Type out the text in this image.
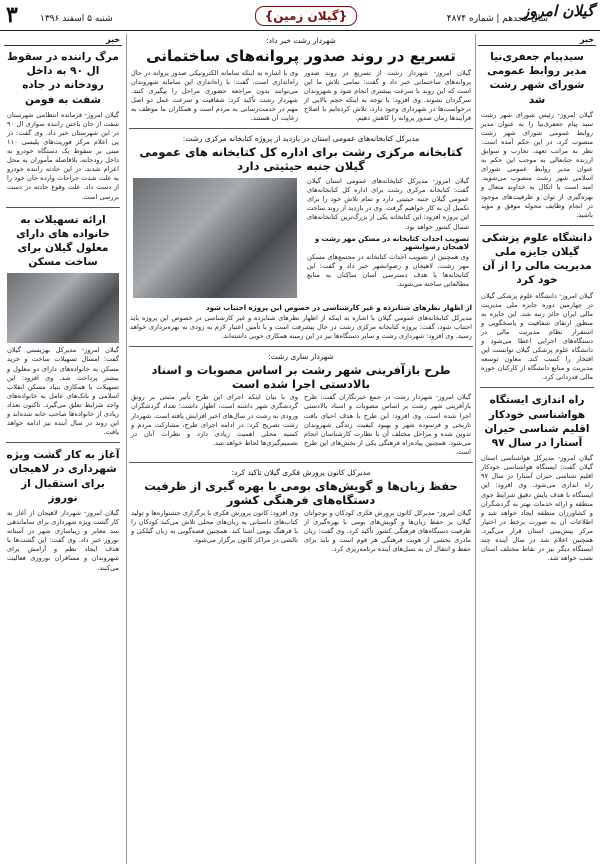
گیلان امروز
سال هجدهم | شماره ۴۸۷۴
{گیلان زمین}
شنبه ۵ اسفند ۱۳۹۶
۳
خبر
سیدپیام جعفری‌نیا مدیر روابط عمومی شورای شهر رشت شد
گیلان امروز- رئیس شورای شهر رشت سید پیام جعفری‌نیا را به عنوان مدیر روابط عمومی شورای شهر رشت منصوب کرد. در این حکم آمده است: نظر به مراتب تعهد، تجارب و سوابق ارزنده جنابعالی به موجب این حکم به عنوان مدیر روابط عمومی شورای اسلامی شهر رشت منصوب می‌شوید. امید است با اتکال به خداوند متعال و بهره‌گیری از توان و ظرفیت‌های موجود در انجام وظایف محوله موفق و مؤید باشید.
دانشگاه علوم پزشکی گیلان جایزه ملی مدیریت مالی را از آن خود کرد
گیلان امروز- دانشگاه علوم پزشکی گیلان در چهارمین دوره جایزه ملی مدیریت مالی ایران حائز رتبه شد. این جایزه به منظور ارتقای شفافیت و پاسخگویی و استقرار نظام مدیریت مالی در دستگاه‌های اجرایی اعطا می‌شود و دانشگاه علوم پزشکی گیلان توانست این افتخار را کسب کند. معاون توسعه مدیریت و منابع دانشگاه از کارکنان حوزه مالی قدردانی کرد.
راه اندازی ایستگاه هواشناسی خودکار اقلیم شناسی حیران آستارا در سال ۹۷
گیلان امروز- مدیرکل هواشناسی استان گیلان گفت: ایستگاه هواشناسی خودکار اقلیم شناسی حیران آستارا در سال ۹۷ راه اندازی می‌شود. وی افزود: این ایستگاه با هدف پایش دقیق شرایط جوی منطقه و ارائه خدمات بهتر به گردشگران و کشاورزان منطقه ایجاد خواهد شد و اطلاعات آن به صورت برخط در اختیار مرکز پیش‌بینی استان قرار می‌گیرد. همچنین اعلام شد در سال آینده چند ایستگاه دیگر نیز در نقاط مختلف استان نصب خواهد شد.
شهردار رشت خبر داد:
تسریع در روند صدور پروانه‌های ساختمانی
گیلان امروز- شهردار رشت از تسریع در روند صدور پروانه‌های ساختمانی خبر داد و گفت: تمامی تلاش ما این است که این روند با سرعت بیشتری انجام شود و شهروندان سرگردان نشوند. وی افزود: با توجه به اینکه حجم بالایی از درخواست‌ها در شهرداری وجود دارد، تلاش کرده‌ایم با اصلاح فرآیندها زمان صدور پروانه را کاهش دهیم.
وی با اشاره به اینکه سامانه الکترونیکی صدور پروانه در حال راه‌اندازی است، گفت: با راه‌اندازی این سامانه شهروندان می‌توانند بدون مراجعه حضوری مراحل را پیگیری کنند. شهردار رشت تأکید کرد: شفافیت و سرعت عمل دو اصل مهم در خدمت‌رسانی به مردم است و همکاران ما موظف به رعایت آن هستند.
مدیرکل کتابخانه‌های عمومی استان در بازدید از پروژه کتابخانه مرکزی رشت:
کتابخانه مرکزی رشت برای اداره کل کتابخانه های عمومی گیلان جنبه حیثیتی دارد
گیلان امروز- مدیرکل کتابخانه‌های عمومی استان گیلان گفت: کتابخانه مرکزی رشت برای اداره کل کتابخانه‌های عمومی گیلان جنبه حیثیتی دارد و تمام تلاش خود را برای تکمیل آن به کار خواهیم گرفت. وی در بازدید از روند ساخت این پروژه افزود: این کتابخانه یکی از بزرگ‌ترین کتابخانه‌های شمال کشور خواهد بود.
تصویب احداث کتابخانه در مسکن مهر رشت و لاهیجان رضوانشهر
وی همچنین از تصویب احداث کتابخانه در مجتمع‌های مسکن مهر رشت، لاهیجان و رضوانشهر خبر داد و گفت: این کتابخانه‌ها با هدف دسترسی آسان ساکنان به منابع مطالعاتی ساخته می‌شوند.
از اظهار نظرهای شتابزده و غیر کارشناسی در خصوص این پروژه اجتناب شود
مدیرکل کتابخانه‌های عمومی گیلان با اشاره به اینکه از اظهار نظرهای شتابزده و غیر کارشناسی در خصوص این پروژه باید اجتناب شود، گفت: پروژه کتابخانه مرکزی رشت در حال پیشرفت است و با تأمین اعتبار لازم به زودی به بهره‌برداری خواهد رسید. وی افزود: شهرداری رشت و سایر دستگاه‌ها نیز در این زمینه همکاری خوبی داشته‌اند.
شهردار ساری رشت:
طرح بازآفرینی شهر رشت بر اساس مصوبات و اسناد بالادستی اجرا شده است
گیلان امروز- شهردار رشت در جمع خبرنگاران گفت: طرح بازآفرینی شهر رشت بر اساس مصوبات و اسناد بالادستی اجرا شده است. وی افزود: این طرح با هدف احیای بافت تاریخی و فرسوده شهر و بهبود کیفیت زندگی شهروندان تدوین شده و مراحل مختلف آن با نظارت کارشناسان انجام می‌شود. همچنین پیاده‌راه فرهنگی یکی از بخش‌های این طرح است.
وی با بیان اینکه اجرای این طرح تأثیر مثبتی بر رونق گردشگری شهر داشته است، اظهار داشت: تعداد گردشگران ورودی به رشت در سال‌های اخیر افزایش یافته است. شهردار رشت تصریح کرد: در ادامه اجرای طرح، مشارکت مردم و کسبه محلی اهمیت زیادی دارد و نظرات آنان در تصمیم‌گیری‌ها لحاظ خواهد شد.
مدیرکل کانون پرورش فکری گیلان تاکید کرد:
حفظ زبان‌ها و گویش‌های بومی با بهره گیری از ظرفیت دستگاه‌های فرهنگی کشور
گیلان امروز- مدیرکل کانون پرورش فکری کودکان و نوجوانان گیلان بر حفظ زبان‌ها و گویش‌های بومی با بهره‌گیری از ظرفیت دستگاه‌های فرهنگی کشور تأکید کرد. وی گفت: زبان مادری بخشی از هویت فرهنگی هر قوم است و باید برای حفظ و انتقال آن به نسل‌های آینده برنامه‌ریزی کرد.
وی افزود: کانون پرورش فکری با برگزاری جشنواره‌ها و تولید کتاب‌های داستانی به زبان‌های محلی تلاش می‌کند کودکان را با فرهنگ بومی آشنا کند. همچنین قصه‌گویی به زبان گیلکی و تالشی در مراکز کانون برگزار می‌شود.
خبر
مرگ راننده در سقوط ال ۹۰ به داخل رودخانه در جاده شفت به فومن
گیلان امروز- فرمانده انتظامی شهرستان شفت از جان باختن راننده سواری ال ۹۰ در این شهرستان خبر داد. وی گفت: در پی اعلام مرکز فوریت‌های پلیسی ۱۱۰ مبنی بر سقوط یک دستگاه خودرو به داخل رودخانه، بلافاصله مأموران به محل اعزام شدند. در این حادثه راننده خودرو به علت شدت جراحات وارده جان خود را از دست داد. علت وقوع حادثه در دست بررسی است.
ارائه تسهیلات به خانواده های دارای معلول گیلان برای ساخت مسکن
گیلان امروز- مدیرکل بهزیستی گیلان گفت: امسال تسهیلات ساخت و خرید مسکن به خانواده‌های دارای دو معلول و بیشتر پرداخت شد. وی افزود: این تسهیلات با همکاری بنیاد مسکن انقلاب اسلامی و بانک‌های عامل به خانواده‌های واجد شرایط تعلق می‌گیرد. تاکنون تعداد زیادی از خانواده‌ها صاحب خانه شده‌اند و این روند در سال آینده نیز ادامه خواهد یافت.
آغاز به کار گشت ویژه شهرداری در لاهیجان برای استقبال از نوروز
گیلان امروز- شهردار لاهیجان از آغاز به کار گشت ویژه شهرداری برای ساماندهی سد معابر و زیباسازی شهر در آستانه نوروز خبر داد. وی گفت: این گشت‌ها با هدف ایجاد نظم و آرامش برای شهروندان و مسافران نوروزی فعالیت می‌کنند.
